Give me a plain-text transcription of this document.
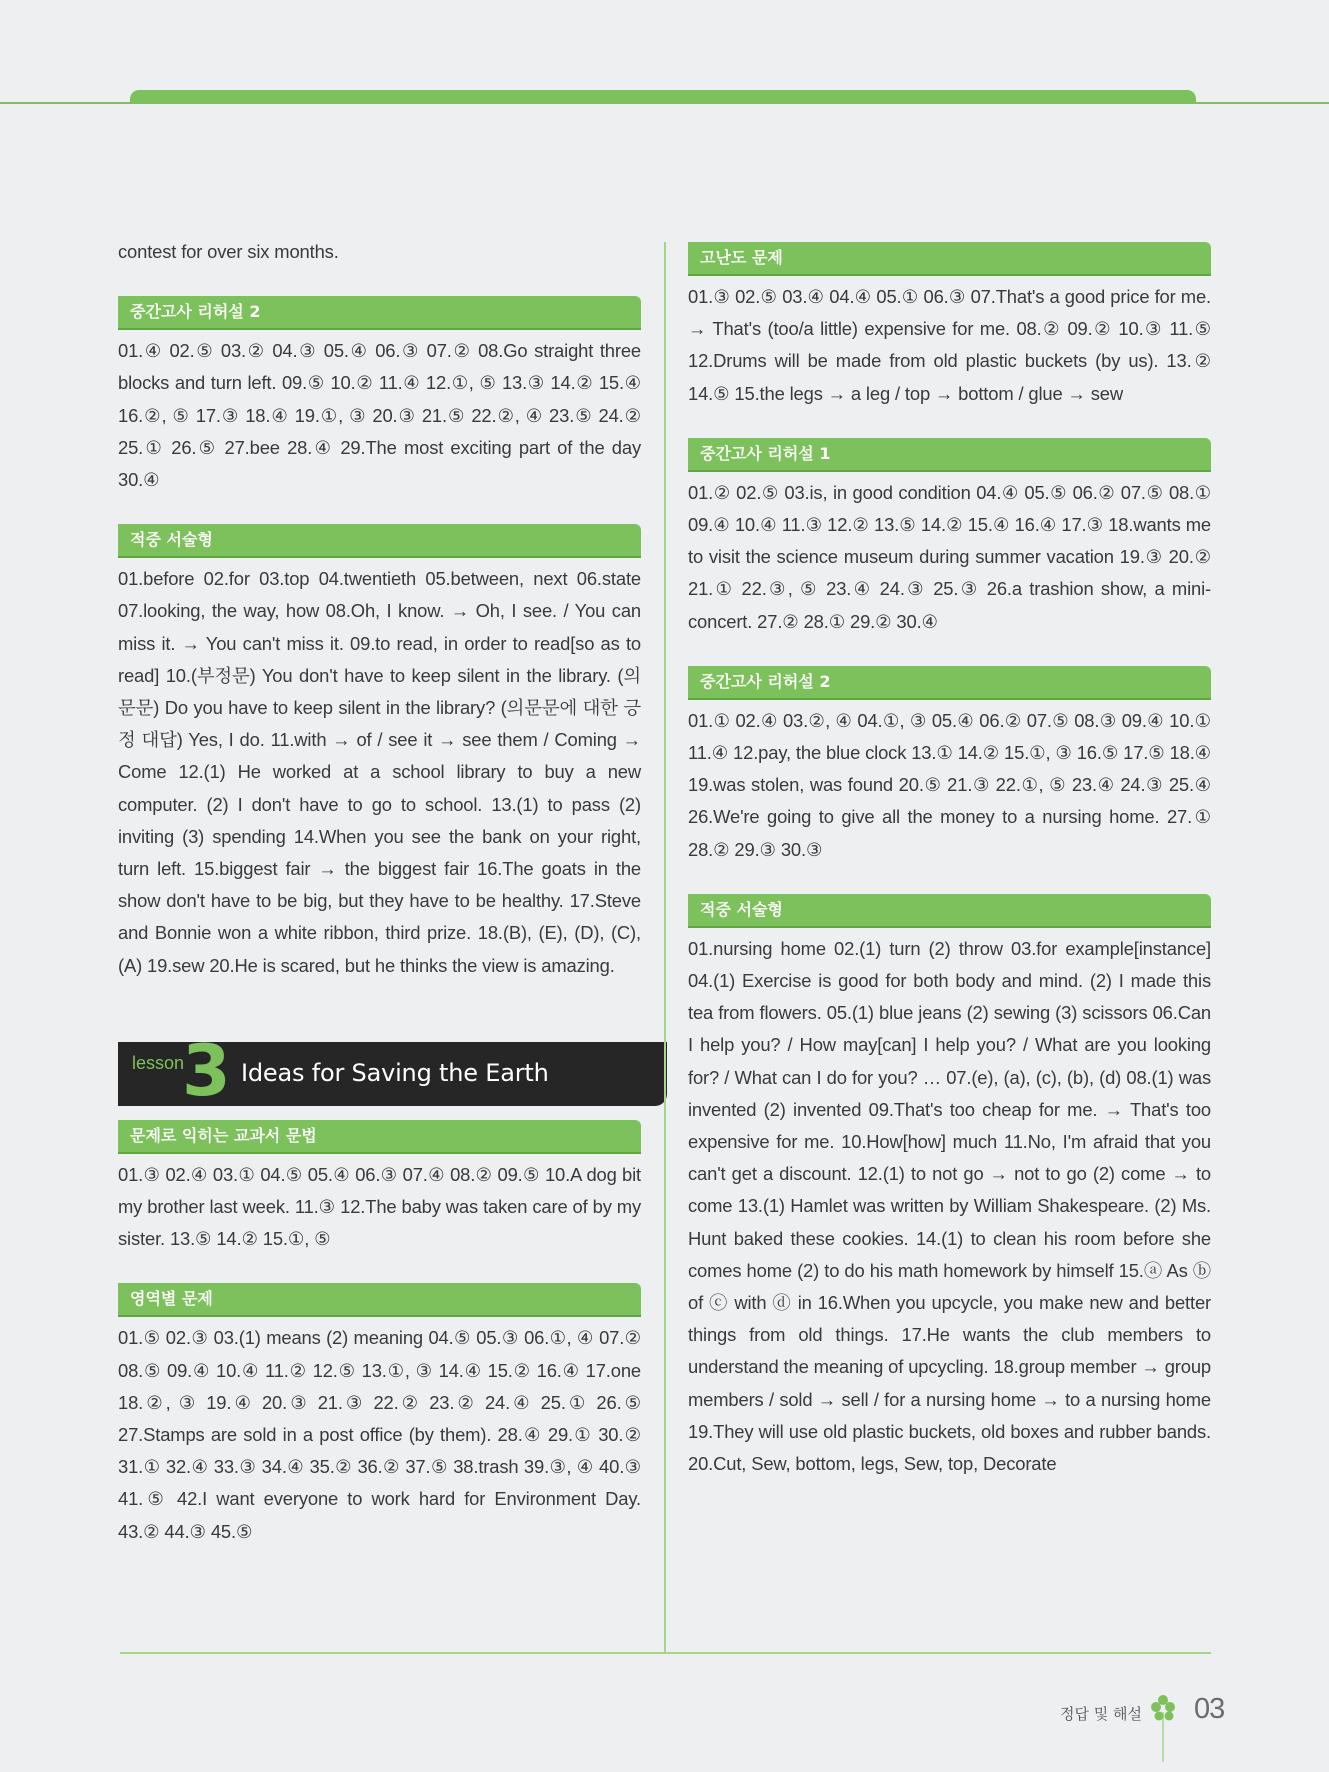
contest for over six months.

중간고사 리허설 2

01.④ 02.⑤ 03.② 04.③ 05.④ 06.③ 07.② 08.Go straight three blocks and turn left. 09.⑤ 10.② 11.④ 12.①, ⑤ 13.③ 14.② 15.④ 16.②, ⑤ 17.③ 18.④ 19.①, ③ 20.③ 21.⑤ 22.②, ④ 23.⑤ 24.② 25.① 26.⑤ 27.bee 28.④ 29.The most exciting part of the day 30.④

적중 서술형

01.before 02.for 03.top 04.twentieth 05.between, next 06.state 07.looking, the way, how 08.Oh, I know. → Oh, I see. / You can miss it. → You can't miss it. 09.to read, in order to read[so as to read] 10.(부정문) You don't have to keep silent in the library. (의문문) Do you have to keep silent in the library? (의문문에 대한 긍정 대답) Yes, I do. 11.with → of / see it → see them / Coming → Come 12.(1) He worked at a school library to buy a new computer. (2) I don't have to go to school. 13.(1) to pass (2) inviting (3) spending 14.When you see the bank on your right, turn left. 15.biggest fair → the biggest fair 16.The goats in the show don't have to be big, but they have to be healthy. 17.Steve and Bonnie won a white ribbon, third prize. 18.(B), (E), (D), (C), (A) 19.sew 20.He is scared, but he thinks the view is amazing.

lesson
3 Ideas for Saving the Earth
문제로 익히는 교과서 문법

01.③ 02.④ 03.① 04.⑤ 05.④ 06.③ 07.④ 08.② 09.⑤ 10.A dog bit my brother last week. 11.③ 12.The baby was taken care of by my sister. 13.⑤ 14.② 15.①, ⑤

영역별 문제

01.⑤ 02.③ 03.(1) means (2) meaning 04.⑤ 05.③ 06.①, ④ 07.② 08.⑤ 09.④ 10.④ 11.② 12.⑤ 13.①, ③ 14.④ 15.② 16.④ 17.one 18.②, ③ 19.④ 20.③ 21.③ 22.② 23.② 24.④ 25.① 26.⑤ 27.Stamps are sold in a post office (by them). 28.④ 29.① 30.② 31.① 32.④ 33.③ 34.④ 35.② 36.② 37.⑤ 38.trash 39.③, ④ 40.③ 41.⑤ 42.I want everyone to work hard for Environment Day. 43.② 44.③ 45.⑤

고난도 문제

01.③ 02.⑤ 03.④ 04.④ 05.① 06.③ 07.That's a good price for me. → That's (too/a little) expensive for me. 08.② 09.② 10.③ 11.⑤ 12.Drums will be made from old plastic buckets (by us). 13.② 14.⑤ 15.the legs → a leg / top → bottom / glue → sew

중간고사 리허설 1

01.② 02.⑤ 03.is, in good condition 04.④ 05.⑤ 06.② 07.⑤ 08.① 09.④ 10.④ 11.③ 12.② 13.⑤ 14.② 15.④ 16.④ 17.③ 18.wants me to visit the science museum during summer vacation 19.③ 20.② 21.① 22.③, ⑤ 23.④ 24.③ 25.③ 26.a trashion show, a mini-concert. 27.② 28.① 29.② 30.④

중간고사 리허설 2

01.① 02.④ 03.②, ④ 04.①, ③ 05.④ 06.② 07.⑤ 08.③ 09.④ 10.① 11.④ 12.pay, the blue clock 13.① 14.② 15.①, ③ 16.⑤ 17.⑤ 18.④ 19.was stolen, was found 20.⑤ 21.③ 22.①, ⑤ 23.④ 24.③ 25.④ 26.We're going to give all the money to a nursing home. 27.① 28.② 29.③ 30.③

적중 서술형

01.nursing home 02.(1) turn (2) throw 03.for example[instance] 04.(1) Exercise is good for both body and mind. (2) I made this tea from flowers. 05.(1) blue jeans (2) sewing (3) scissors 06.Can I help you? / How may[can] I help you? / What are you looking for? / What can I do for you? … 07.(e), (a), (c), (b), (d) 08.(1) was invented (2) invented 09.That's too cheap for me. → That's too expensive for me. 10.How[how] much 11.No, I'm afraid that you can't get a discount. 12.(1) to not go → not to go (2) come → to come 13.(1) Hamlet was written by William Shakespeare. (2) Ms. Hunt baked these cookies. 14.(1) to clean his room before she comes home (2) to do his math homework by himself 15.ⓐ As ⓑ of ⓒ with ⓓ in 16.When you upcycle, you make new and better things from old things. 17.He wants the club members to understand the meaning of upcycling. 18.group member → group members / sold → sell / for a nursing home → to a nursing home 19.They will use old plastic buckets, old boxes and rubber bands. 20.Cut, Sew, bottom, legs, Sew, top, Decorate

정답 및 해설 03
